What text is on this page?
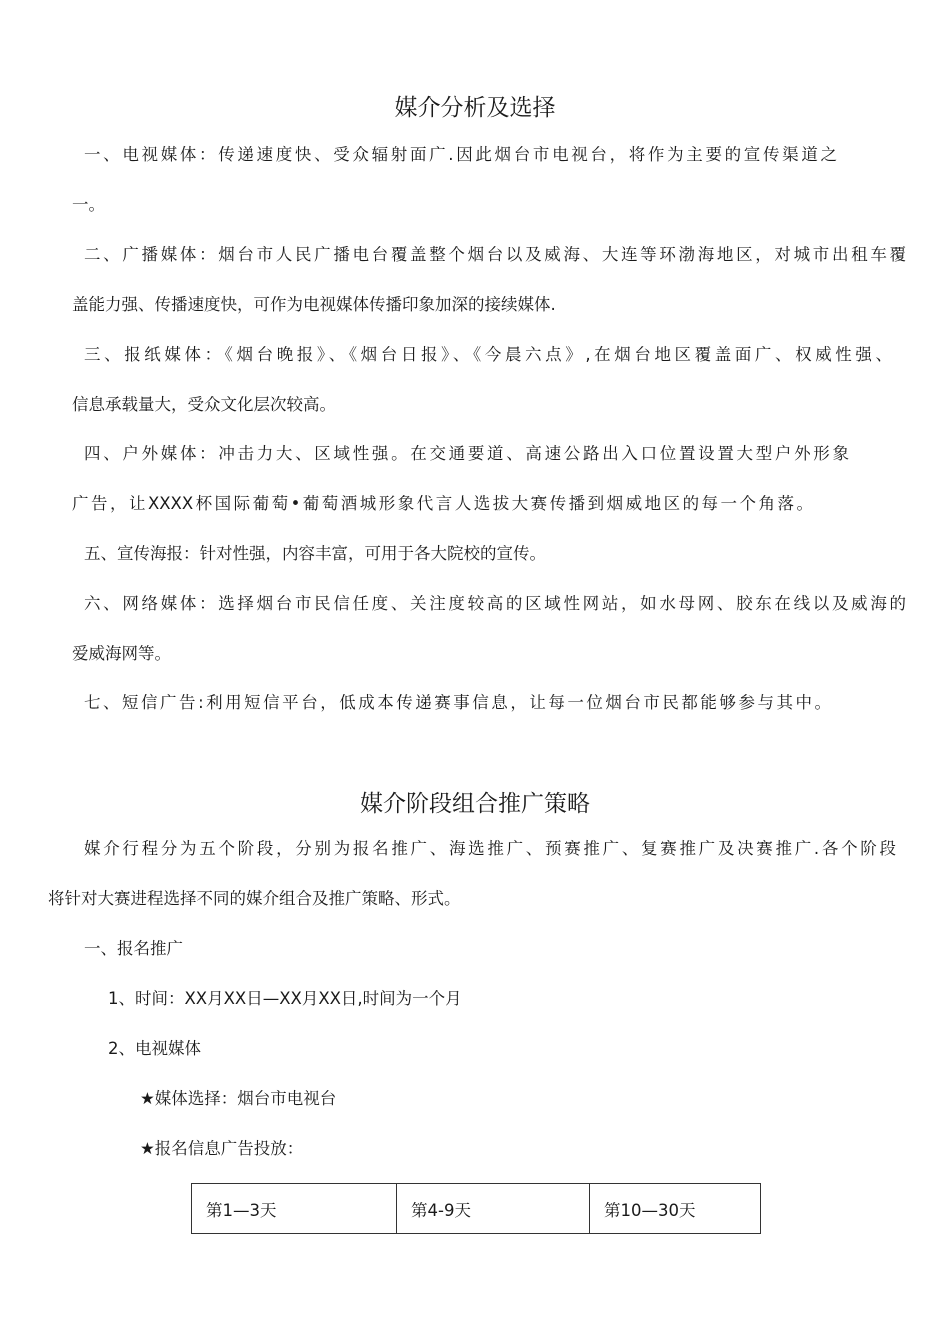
媒介分析及选择

一、电视媒体：传递速度快、受众辐射面广.因此烟台市电视台，将作为主要的宣传渠道之

一。

二、广播媒体：烟台市人民广播电台覆盖整个烟台以及威海、大连等环渤海地区，对城市出租车覆

盖能力强、传播速度快，可作为电视媒体传播印象加深的接续媒体.

三、报纸媒体：《烟台晚报》、《烟台日报》、《今晨六点》,在烟台地区覆盖面广、权威性强、

信息承载量大，受众文化层次较高。

四、户外媒体：冲击力大、区域性强。在交通要道、高速公路出入口位置设置大型户外形象

广告，让XXXX杯国际葡萄•葡萄酒城形象代言人选拔大赛传播到烟威地区的每一个角落。

五、宣传海报：针对性强，内容丰富，可用于各大院校的宣传。

六、网络媒体：选择烟台市民信任度、关注度较高的区域性网站，如水母网、胶东在线以及威海的

爱威海网等。

七、短信广告:利用短信平台，低成本传递赛事信息，让每一位烟台市民都能够参与其中。

媒介阶段组合推广策略

媒介行程分为五个阶段，分别为报名推广、海选推广、预赛推广、复赛推广及决赛推广.各个阶段

将针对大赛进程选择不同的媒介组合及推广策略、形式。

一、报名推广

1、时间：XX月XX日—XX月XX日,时间为一个月

2、电视媒体

★媒体选择：烟台市电视台

★报名信息广告投放：

第1—3天	第4-9天	第10—30天
